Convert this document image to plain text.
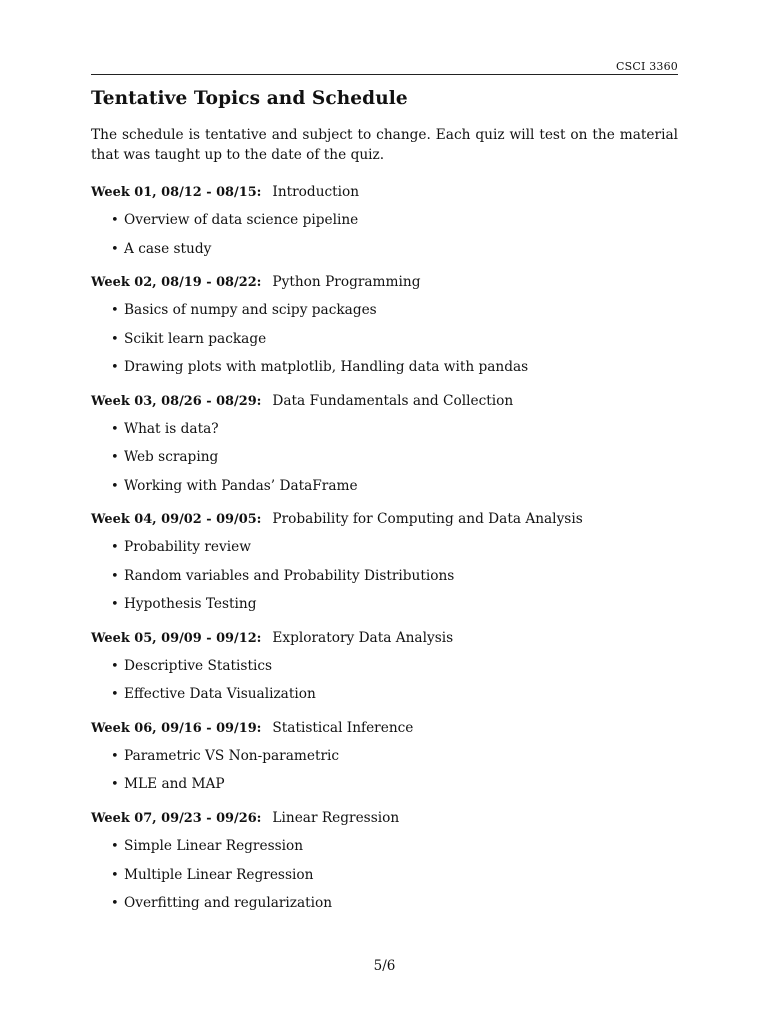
CSCI 3360
Tentative Topics and Schedule

The schedule is tentative and subject to change. Each quiz will test on the material that was taught up to the date of the quiz.

Week 01, 08/12 - 08/15: Introduction
• Overview of data science pipeline
• A case study
Week 02, 08/19 - 08/22: Python Programming
• Basics of numpy and scipy packages
• Scikit learn package
• Drawing plots with matplotlib, Handling data with pandas
Week 03, 08/26 - 08/29: Data Fundamentals and Collection
• What is data?
• Web scraping
• Working with Pandas’ DataFrame
Week 04, 09/02 - 09/05: Probability for Computing and Data Analysis
• Probability review
• Random variables and Probability Distributions
• Hypothesis Testing
Week 05, 09/09 - 09/12: Exploratory Data Analysis
• Descriptive Statistics
• Effective Data Visualization
Week 06, 09/16 - 09/19: Statistical Inference
• Parametric VS Non-parametric
• MLE and MAP
Week 07, 09/23 - 09/26: Linear Regression
• Simple Linear Regression
• Multiple Linear Regression
• Overfitting and regularization
5/6
